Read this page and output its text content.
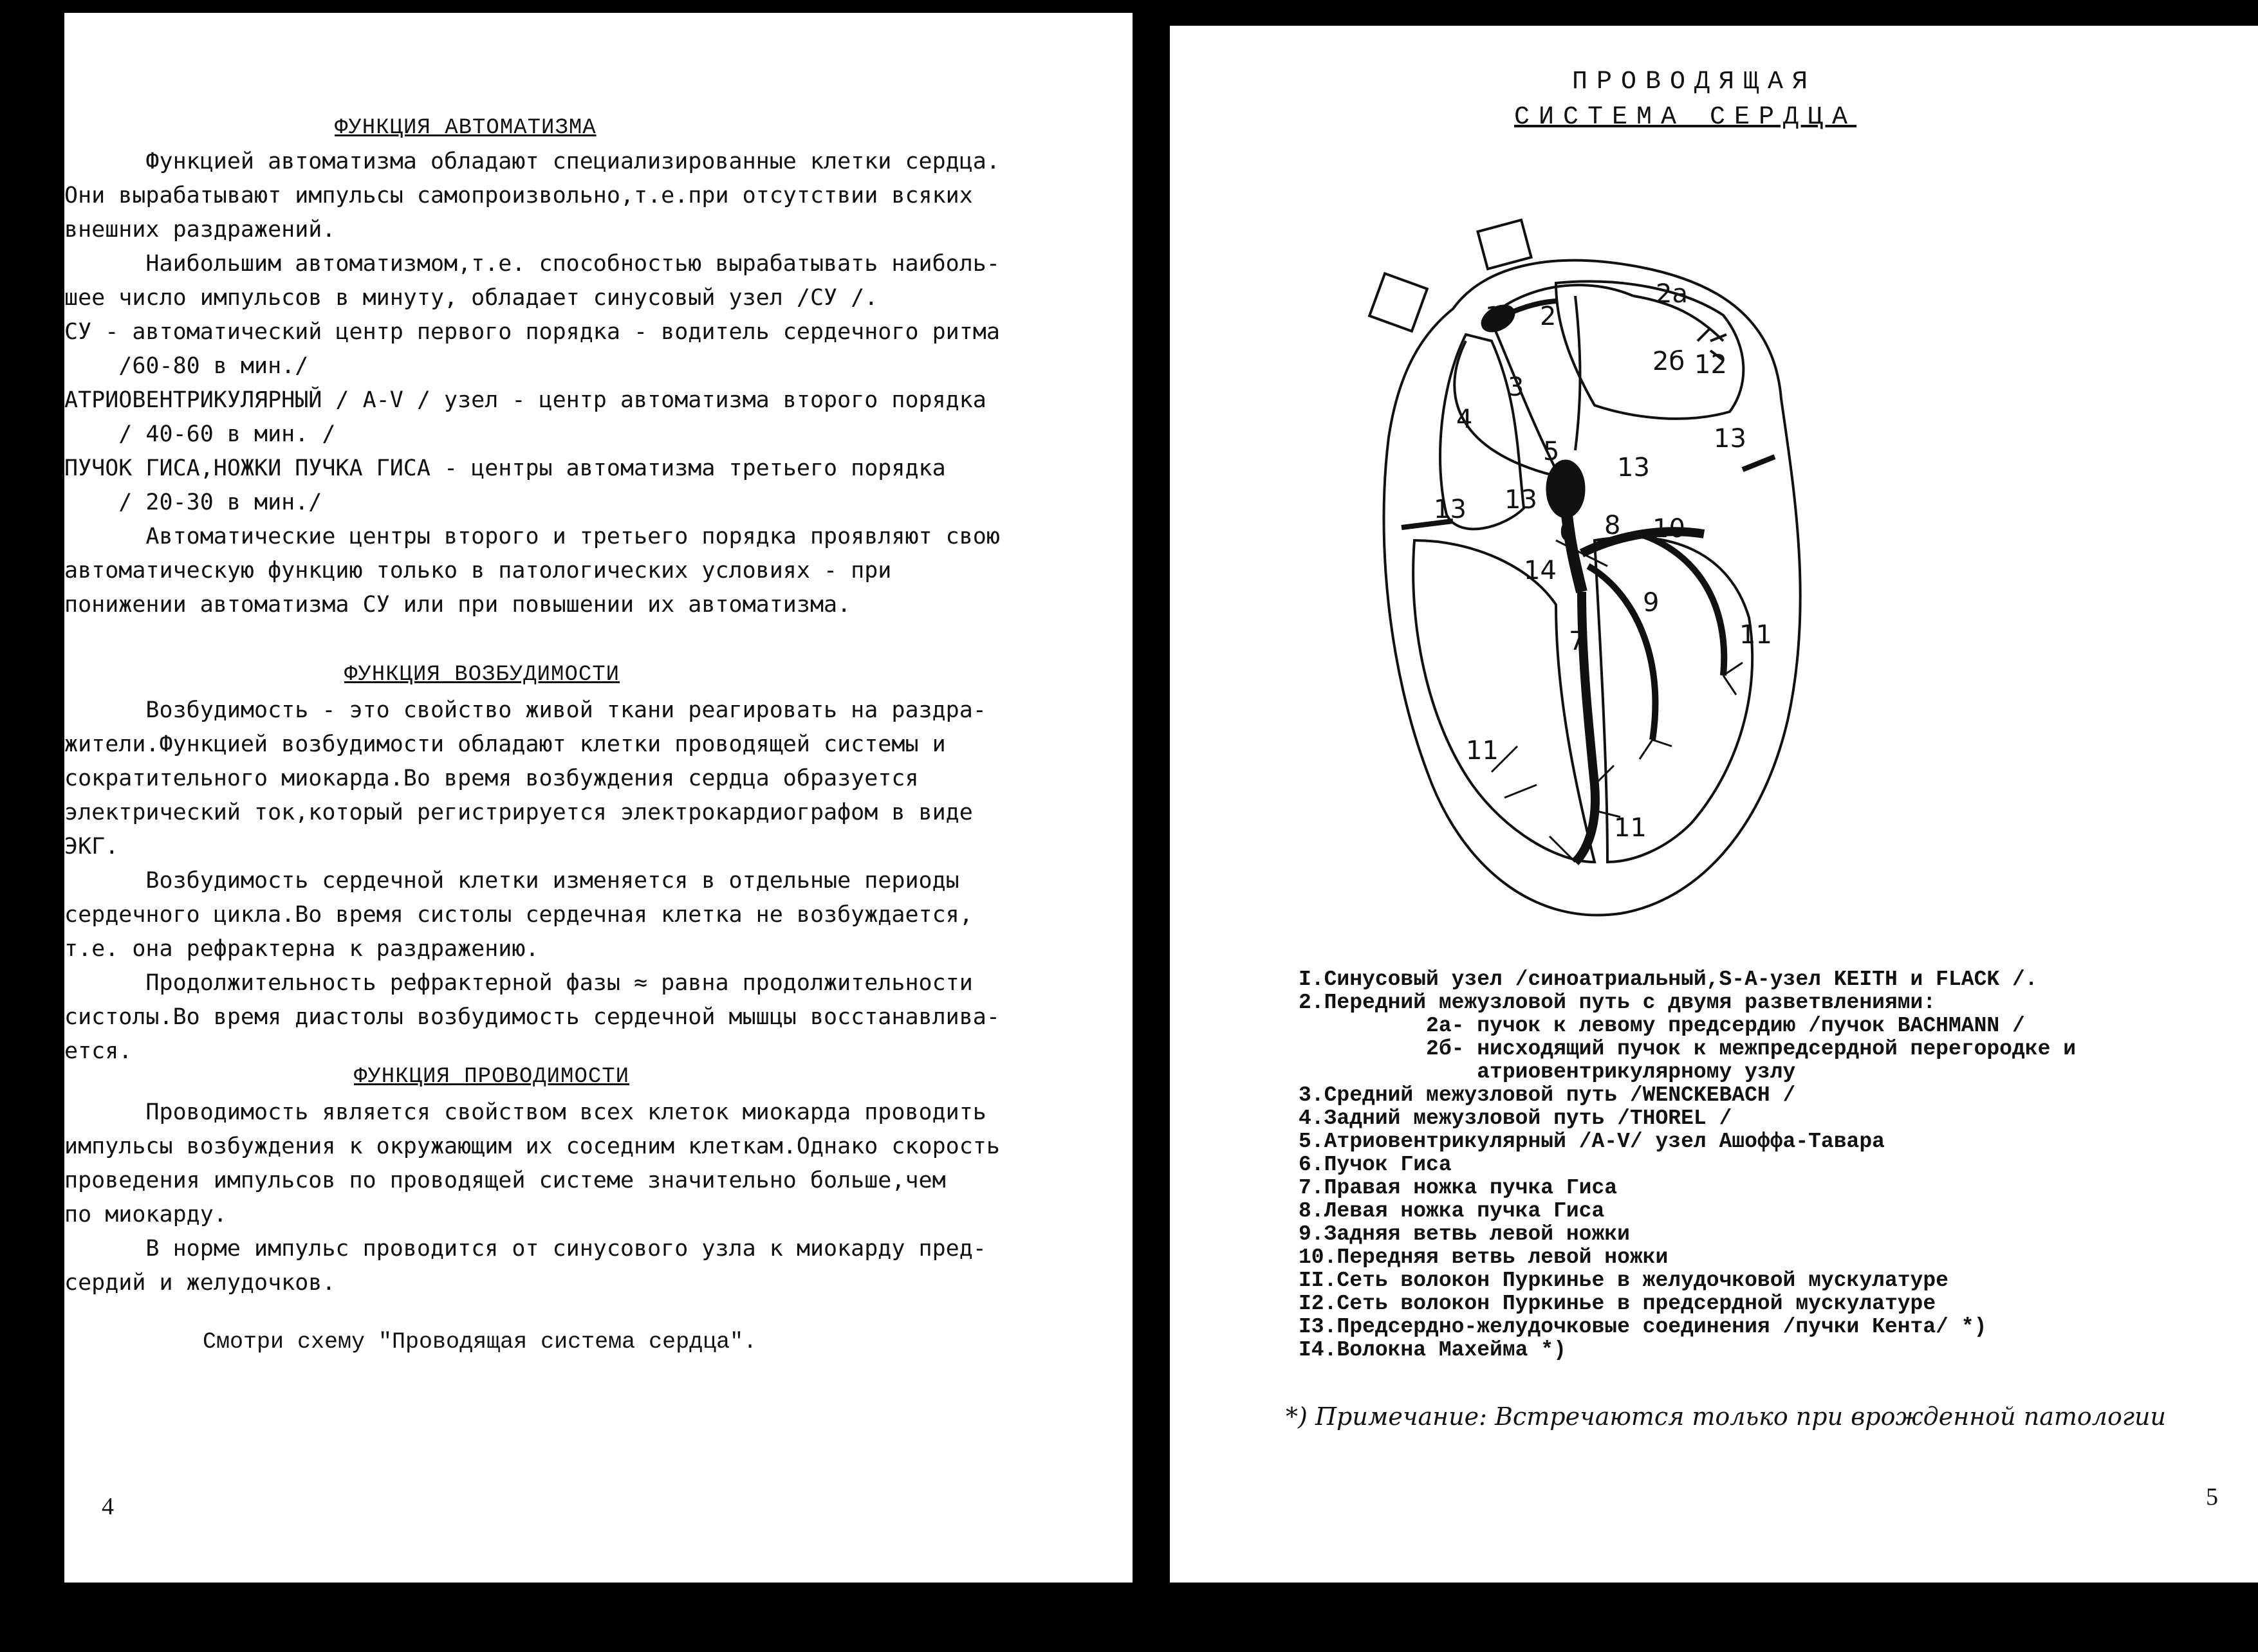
ФУНКЦИЯ АВТОМАТИЗМА
Функцией автоматизма обладают специализированные клетки сердца.
Они вырабатывают импульсы самопроизвольно,т.е.при отсутствии всяких
внешних раздражений.
Наибольшим автоматизмом,т.е. способностью вырабатывать наиболь-
шее число импульсов в минуту, обладает синусовый узел /СУ /.
СУ - автоматический центр первого порядка - водитель сердечного ритма
/60-80 в мин./
АТРИОВЕНТРИКУЛЯРНЫЙ / А-V / узел - центр автоматизма второго порядка
/ 40-60 в мин. /
ПУЧОК ГИСА,НОЖКИ ПУЧКА ГИСА - центры автоматизма третьего порядка
/ 20-30 в мин./
Автоматические центры второго и третьего порядка проявляют свою
автоматическую функцию только в патологических условиях - при
понижении автоматизма СУ или при повышении их автоматизма.
ФУНКЦИЯ ВОЗБУДИМОСТИ
Возбудимость - это свойство живой ткани реагировать на раздра-
жители.Функцией возбудимости обладают клетки проводящей системы и
сократительного миокарда.Во время возбуждения сердца образуется
электрический ток,который регистрируется электрокардиографом в виде
ЭКГ.
Возбудимость сердечной клетки изменяется в отдельные периоды
сердечного цикла.Во время систолы сердечная клетка не возбуждается,
т.е. она рефрактерна к раздражению.
Продолжительность рефрактерной фазы ≈ равна продолжительности
систолы.Во время диастолы возбудимость сердечной мышцы восстанавлива-
ется.
ФУНКЦИЯ ПРОВОДИМОСТИ
Проводимость является свойством всех клеток миокарда проводить
импульсы возбуждения к окружающим их соседним клеткам.Однако скорость
проведения импульсов по проводящей системе значительно больше,чем
по миокарду.
В норме импульс проводится от синусового узла к миокарду пред-
сердий и желудочков.
Смотри схему "Проводящая система сердца".
4
ПРОВОДЯЩАЯ
СИСТЕМА СЕРДЦА
1 2
2а
2б 12
3
4
5
6 8 10
9
7
14
13 13
13
13
11
11
11
I.Синусовый узел /синоатриальный,S-A-узел KEITH и FLACK /.
2.Передний межузловой путь с двумя разветвлениями:
2а- пучок к левому предсердию /пучок BACHMANN /
2б- нисходящий пучок к межпредсердной перегородке и
атриовентрикулярному узлу
3.Средний межузловой путь /WENCKEBACH /
4.Задний межузловой путь /THOREL /
5.Атриовентрикулярный /А-V/ узел Ашоффа-Тавара
6.Пучок Гиса
7.Правая ножка пучка Гиса
8.Левая ножка пучка Гиса
9.Задняя ветвь левой ножки
10.Передняя ветвь левой ножки
II.Сеть волокон Пуркинье в желудочковой мускулатуре
I2.Сеть волокон Пуркинье в предсердной мускулатуре
I3.Предсердно-желудочковые соединения /пучки Кента/ *)
I4.Волокна Махейма *)
*) Примечание: Встречаются только при врожденной патологии
5
